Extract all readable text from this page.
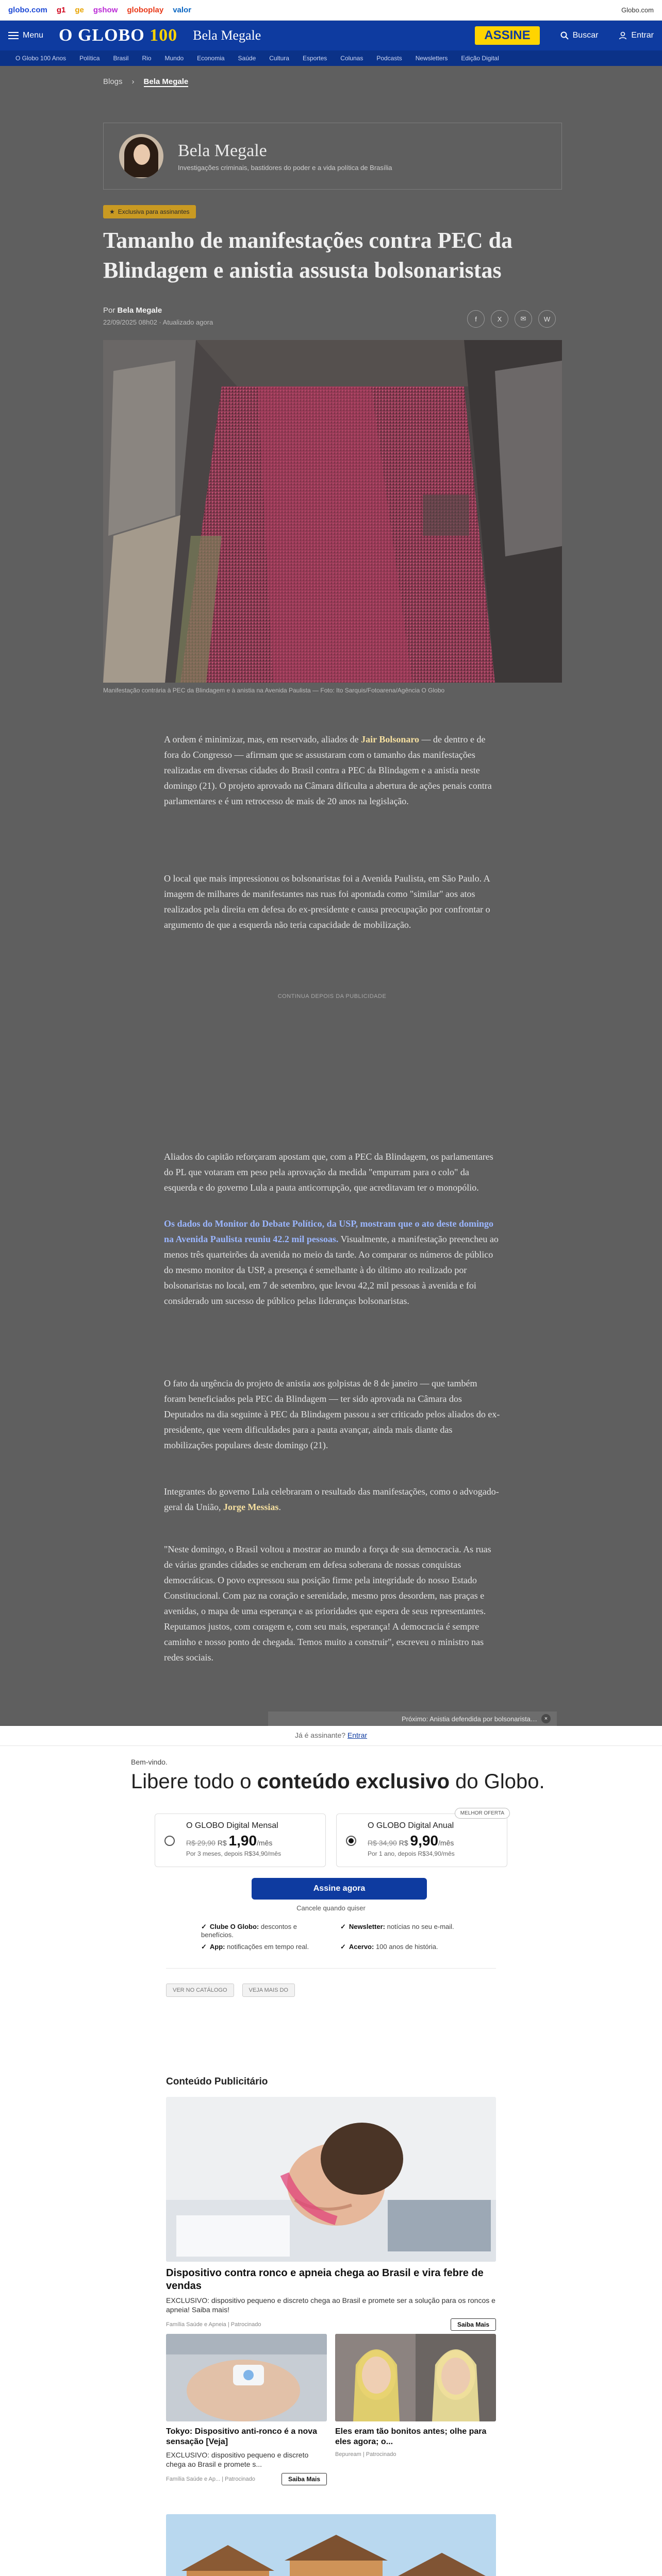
globo.com g1 ge gshow globoplay valor	Globo.com
Menu O GLOBO 100 Bela Megale	ASSINE	Buscar	Entrar
O Globo 100 Anos Política Brasil Rio Mundo Economia Saúde Cultura Esportes Colunas Podcasts Newsletters Edição Digital
Blogs › Bela Megale
Bela Megale
Investigações criminais, bastidores do poder e a vida política de Brasília
★ Exclusiva para assinantes
Tamanho de manifestações contra PEC da Blindagem e anistia assusta bolsonaristas
Por Bela Megale
22/09/2025 08h02 · Atualizado agora	f	X	✉	W
Manifestação contrária à PEC da Blindagem e à anistia na Avenida Paulista — Foto: Ito Sarquis/Fotoarena/Agência O Globo

A ordem é minimizar, mas, em reservado, aliados de Jair Bolsonaro — de dentro e de fora do Congresso — afirmam que se assustaram com o tamanho das manifestações realizadas em diversas cidades do Brasil contra a PEC da Blindagem e a anistia neste domingo (21). O projeto aprovado na Câmara dificulta a abertura de ações penais contra parlamentares e é um retrocesso de mais de 20 anos na legislação.

O local que mais impressionou os bolsonaristas foi a Avenida Paulista, em São Paulo. A imagem de milhares de manifestantes nas ruas foi apontada como "similar" aos atos realizados pela direita em defesa do ex-presidente e causa preocupação por confrontar o argumento de que a esquerda não teria capacidade de mobilização.

CONTINUA DEPOIS DA PUBLICIDADE

Aliados do capitão reforçaram apostam que, com a PEC da Blindagem, os parlamentares do PL que votaram em peso pela aprovação da medida "empurram para o colo" da esquerda e do governo Lula a pauta anticorrupção, que acreditavam ter o monopólio.

Os dados do Monitor do Debate Político, da USP, mostram que o ato deste domingo na Avenida Paulista reuniu 42.2 mil pessoas. Visualmente, a manifestação preencheu ao menos três quarteirões da avenida no meio da tarde. Ao comparar os números de público do mesmo monitor da USP, a presença é semelhante à do último ato realizado por bolsonaristas no local, em 7 de setembro, que levou 42,2 mil pessoas à avenida e foi considerado um sucesso de público pelas lideranças bolsonaristas.

O fato da urgência do projeto de anistia aos golpistas de 8 de janeiro — que também foram beneficiados pela PEC da Blindagem — ter sido aprovada na Câmara dos Deputados na dia seguinte à PEC da Blindagem passou a ser criticado pelos aliados do ex-presidente, que veem dificuldades para a pauta avançar, ainda mais diante das mobilizações populares deste domingo (21).

Integrantes do governo Lula celebraram o resultado das manifestações, como o advogado-geral da União, Jorge Messias.

"Neste domingo, o Brasil voltou a mostrar ao mundo a força de sua democracia. As ruas de várias grandes cidades se encheram em defesa soberana de nossas conquistas democráticas. O povo expressou sua posição firme pela integridade do nosso Estado Constitucional. Com paz na coração e serenidade, mesmo pros desordem, nas praças e avenidas, o mapa de uma esperança e as prioridades que espera de seus representantes. Reputamos justos, com coragem e, com seu mais, esperança! A democracia é sempre caminho e nosso ponto de chegada. Temos muito a construir", escreveu o ministro nas redes sociais.

Próximo: Anistia defendida por bolsonarista…	×
Já é assinante? Entrar
Bem-vindo.
Libere todo o conteúdo exclusivo do Globo.
O GLOBO Digital Mensal
R$ 29,90 R$ 1,90/mês
Por 3 meses, depois R$34,90/mês
MELHOR OFERTA
O GLOBO Digital Anual
R$ 34,90 R$ 9,90/mês
Por 1 ano, depois R$34,90/mês
Assine agora
Cancele quando quiser
✓ Clube O Globo: descontos e benefícios.
✓ Newsletter: notícias no seu e-mail.
✓ App: notificações em tempo real.	✓ Acervo: 100 anos de história.
VER NO CATÁLOGO	VEJA MAIS DO
Conteúdo Publicitário
Dispositivo contra ronco e apneia chega ao Brasil e vira febre de vendas
EXCLUSIVO: dispositivo pequeno e discreto chega ao Brasil e promete ser a solução para os roncos e apneia! Saiba mais!
Família Saúde e Apneia | Patrocinado	Saiba Mais
Tokyo: Dispositivo anti-ronco é a nova sensação [Veja]
EXCLUSIVO: dispositivo pequeno e discreto chega ao Brasil e promete s...
Família Saúde e Ap... | Patrocinado	Saiba Mais
Eles eram tão bonitos antes; olhe para eles agora; o...
Bepuream | Patrocinado
